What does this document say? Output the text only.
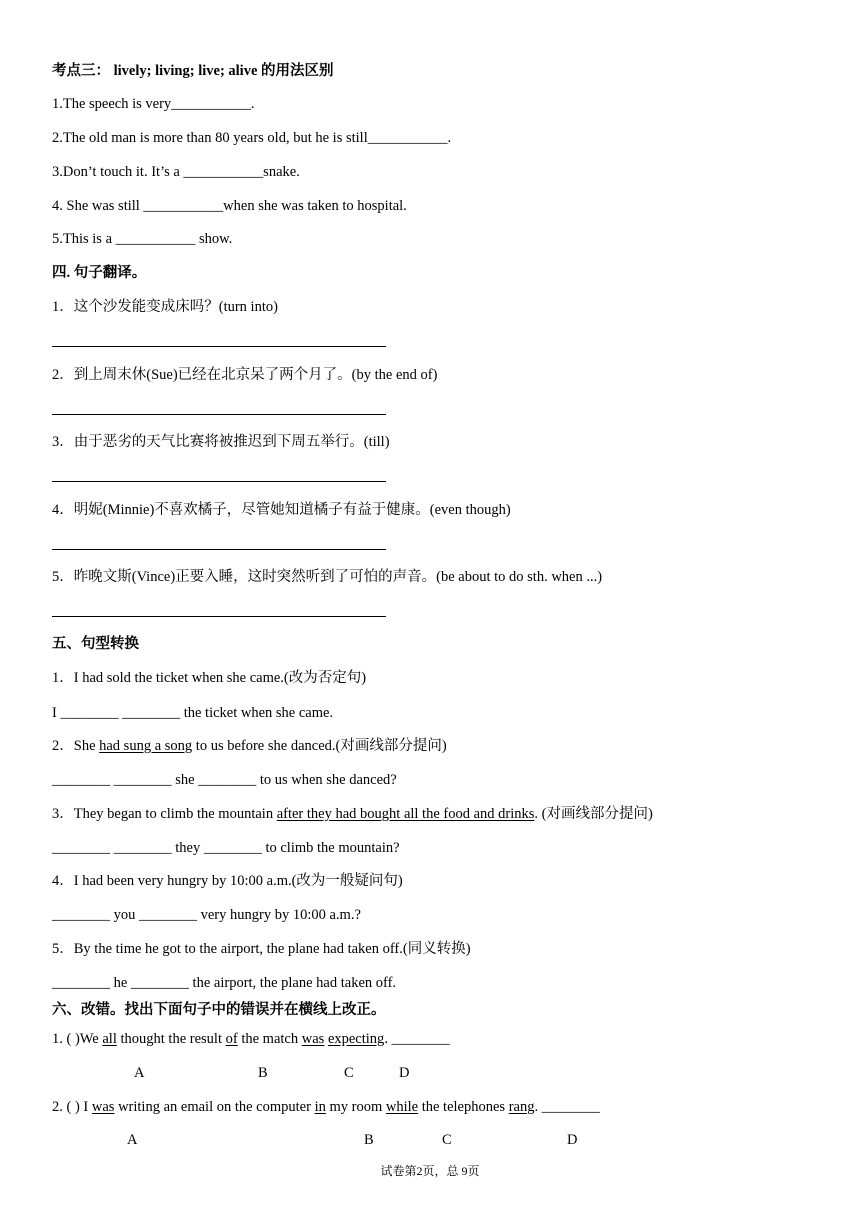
考点三： lively; living; live; alive 的用法区别
1.The speech is very___________.
2.The old man is more than 80 years old, but he is still___________.
3.Don’t touch it. It’s a ___________snake.
4. She was still ___________when she was taken to hospital.
5.This is a ___________ show.
四. 句子翻译。
1．这个沙发能变成床吗？(turn into)
2．到上周末休(Sue)已经在北京呆了两个月了。(by the end of)
3．由于恶劣的天气比赛将被推迟到下周五举行。(till)
4．明妮(Minnie)不喜欢橘子，尽管她知道橘子有益于健康。(even though)
5．昨晚文斯(Vince)正要入睡，这时突然听到了可怕的声音。(be about to do sth. when ...)
五、句型转换
1．I had sold the ticket when she came.(改为否定句)
I ________ ________ the ticket when she came.
2．She had sung a song to us before she danced.(对画线部分提问)
________ ________ she ________ to us when she danced?
3．They began to climb the mountain after they had bought all the food and drinks. (对画线部分提问)
________ ________ they ________ to climb the mountain?
4．I had been very hungry by 10:00 a.m.(改为一般疑问句)
________ you ________ very hungry by 10:00 a.m.?
5．By the time he got to the airport, the plane had taken off.(同义转换)
________ he ________ the airport, the plane had taken off.
六、改错。找出下面句子中的错误并在横线上改正。
1. ( )We all thought the result of the match was expecting. ________
A	B	C	D
2. ( ) I was writing an email on the computer in my room while the telephones rang. ________
A	B	C	D
试卷第2页，总 9页
